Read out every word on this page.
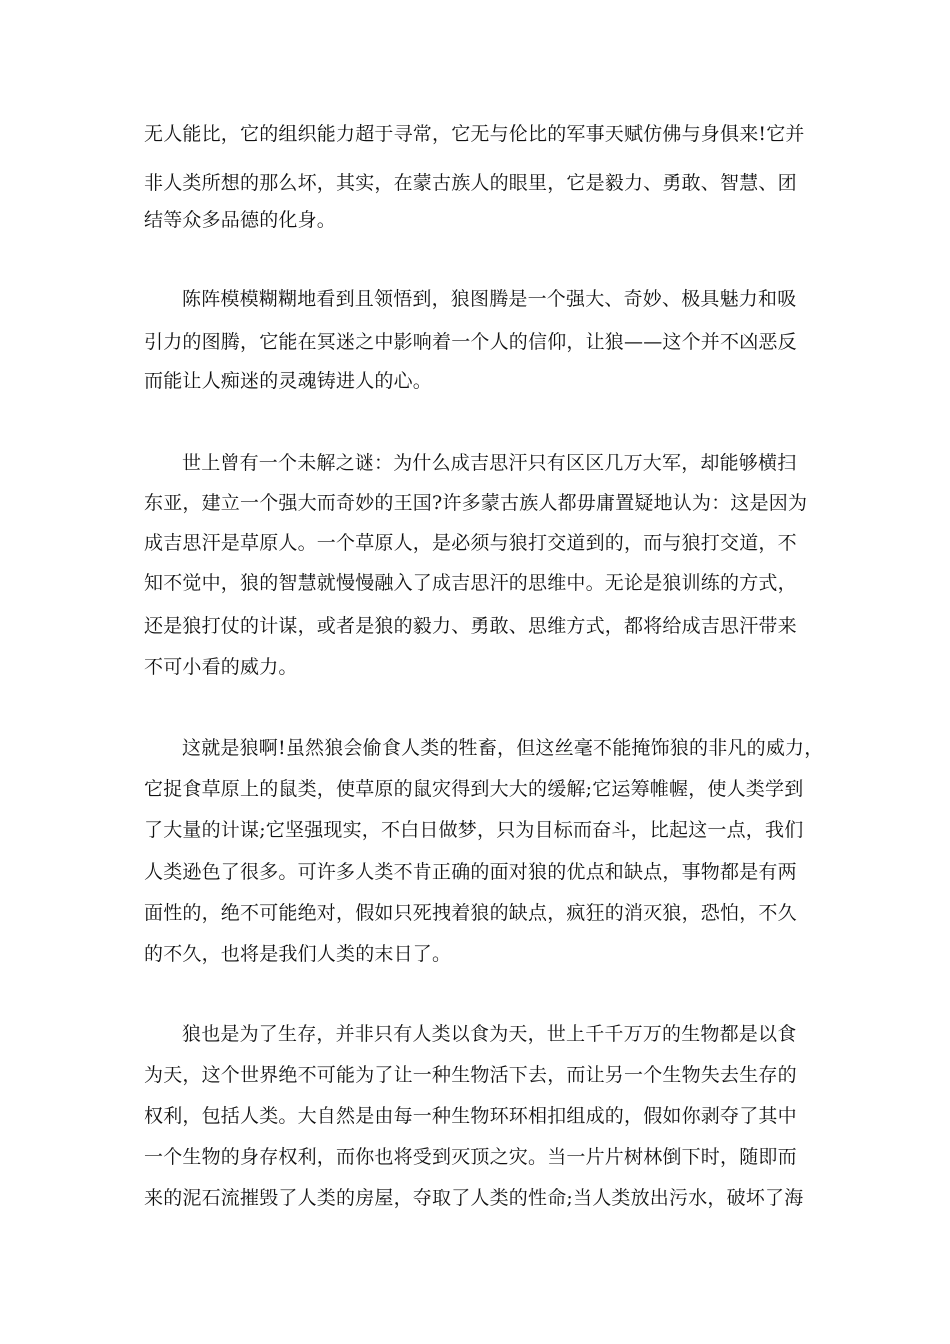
无人能比，它的组织能力超于寻常，它无与伦比的军事天赋仿佛与身俱来!它并
非人类所想的那么坏，其实，在蒙古族人的眼里，它是毅力、勇敢、智慧、团
结等众多品德的化身。
陈阵模模糊糊地看到且领悟到，狼图腾是一个强大、奇妙、极具魅力和吸
引力的图腾，它能在冥迷之中影响着一个人的信仰，让狼——这个并不凶恶反
而能让人痴迷的灵魂铸进人的心。
世上曾有一个未解之谜：为什么成吉思汗只有区区几万大军，却能够横扫
东亚，建立一个强大而奇妙的王国?许多蒙古族人都毋庸置疑地认为：这是因为
成吉思汗是草原人。一个草原人，是必须与狼打交道到的，而与狼打交道，不
知不觉中，狼的智慧就慢慢融入了成吉思汗的思维中。无论是狼训练的方式，
还是狼打仗的计谋，或者是狼的毅力、勇敢、思维方式，都将给成吉思汗带来
不可小看的威力。
这就是狼啊!虽然狼会偷食人类的牲畜，但这丝毫不能掩饰狼的非凡的威力，
它捉食草原上的鼠类，使草原的鼠灾得到大大的缓解;它运筹帷幄，使人类学到
了大量的计谋;它坚强现实，不白日做梦，只为目标而奋斗，比起这一点，我们
人类逊色了很多。可许多人类不肯正确的面对狼的优点和缺点，事物都是有两
面性的，绝不可能绝对，假如只死拽着狼的缺点，疯狂的消灭狼，恐怕，不久
的不久，也将是我们人类的末日了。
狼也是为了生存，并非只有人类以食为天，世上千千万万的生物都是以食
为天，这个世界绝不可能为了让一种生物活下去，而让另一个生物失去生存的
权利，包括人类。大自然是由每一种生物环环相扣组成的，假如你剥夺了其中
一个生物的身存权利，而你也将受到灭顶之灾。当一片片树林倒下时，随即而
来的泥石流摧毁了人类的房屋，夺取了人类的性命;当人类放出污水，破坏了海
